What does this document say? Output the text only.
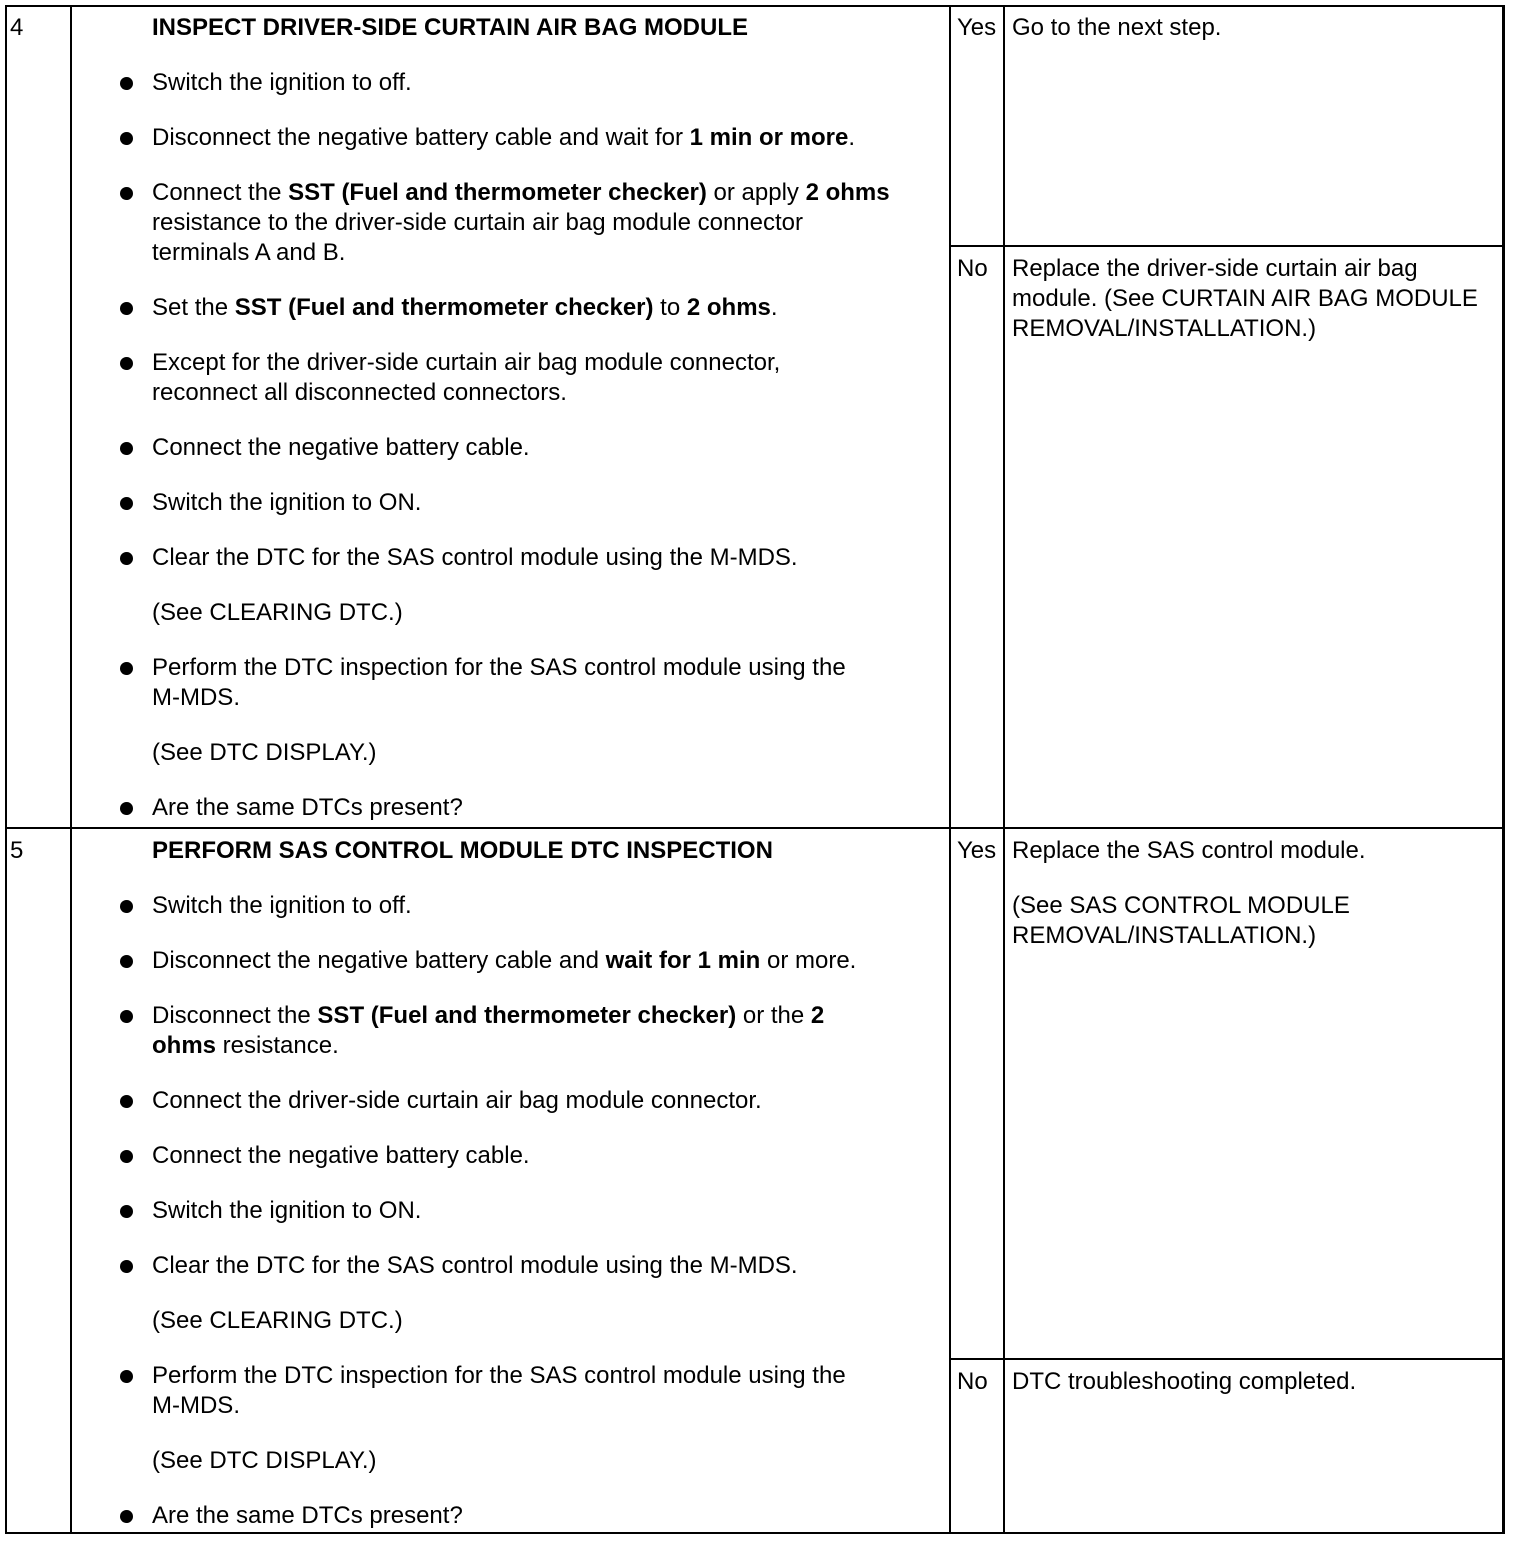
4	INSPECT DRIVER-SIDE CURTAIN AIR BAG MODULE
Switch the ignition to off.
Disconnect the negative battery cable and wait for 1 min or more.
Connect the SST (Fuel and thermometer checker) or apply 2 ohms
resistance to the driver-side curtain air bag module connector
terminals A and B.
Set the SST (Fuel and thermometer checker) to 2 ohms.
Except for the driver-side curtain air bag module connector,
reconnect all disconnected connectors.
Connect the negative battery cable.
Switch the ignition to ON.
Clear the DTC for the SAS control module using the M-MDS.
(See CLEARING DTC.)
Perform the DTC inspection for the SAS control module using the
M-MDS.
(See DTC DISPLAY.)
Are the same DTCs present?
Yes Go to the next step.
No Replace the driver-side curtain air bag
module. (See CURTAIN AIR BAG MODULE
REMOVAL/INSTALLATION.)
5	PERFORM SAS CONTROL MODULE DTC INSPECTION
Switch the ignition to off.
Disconnect the negative battery cable and wait for 1 min or more.
Disconnect the SST (Fuel and thermometer checker) or the 2
ohms resistance.
Connect the driver-side curtain air bag module connector.
Connect the negative battery cable.
Switch the ignition to ON.
Clear the DTC for the SAS control module using the M-MDS.
(See CLEARING DTC.)
Perform the DTC inspection for the SAS control module using the
M-MDS.
(See DTC DISPLAY.)
Are the same DTCs present?
Yes Replace the SAS control module.
(See SAS CONTROL MODULE
REMOVAL/INSTALLATION.)
No DTC troubleshooting completed.
